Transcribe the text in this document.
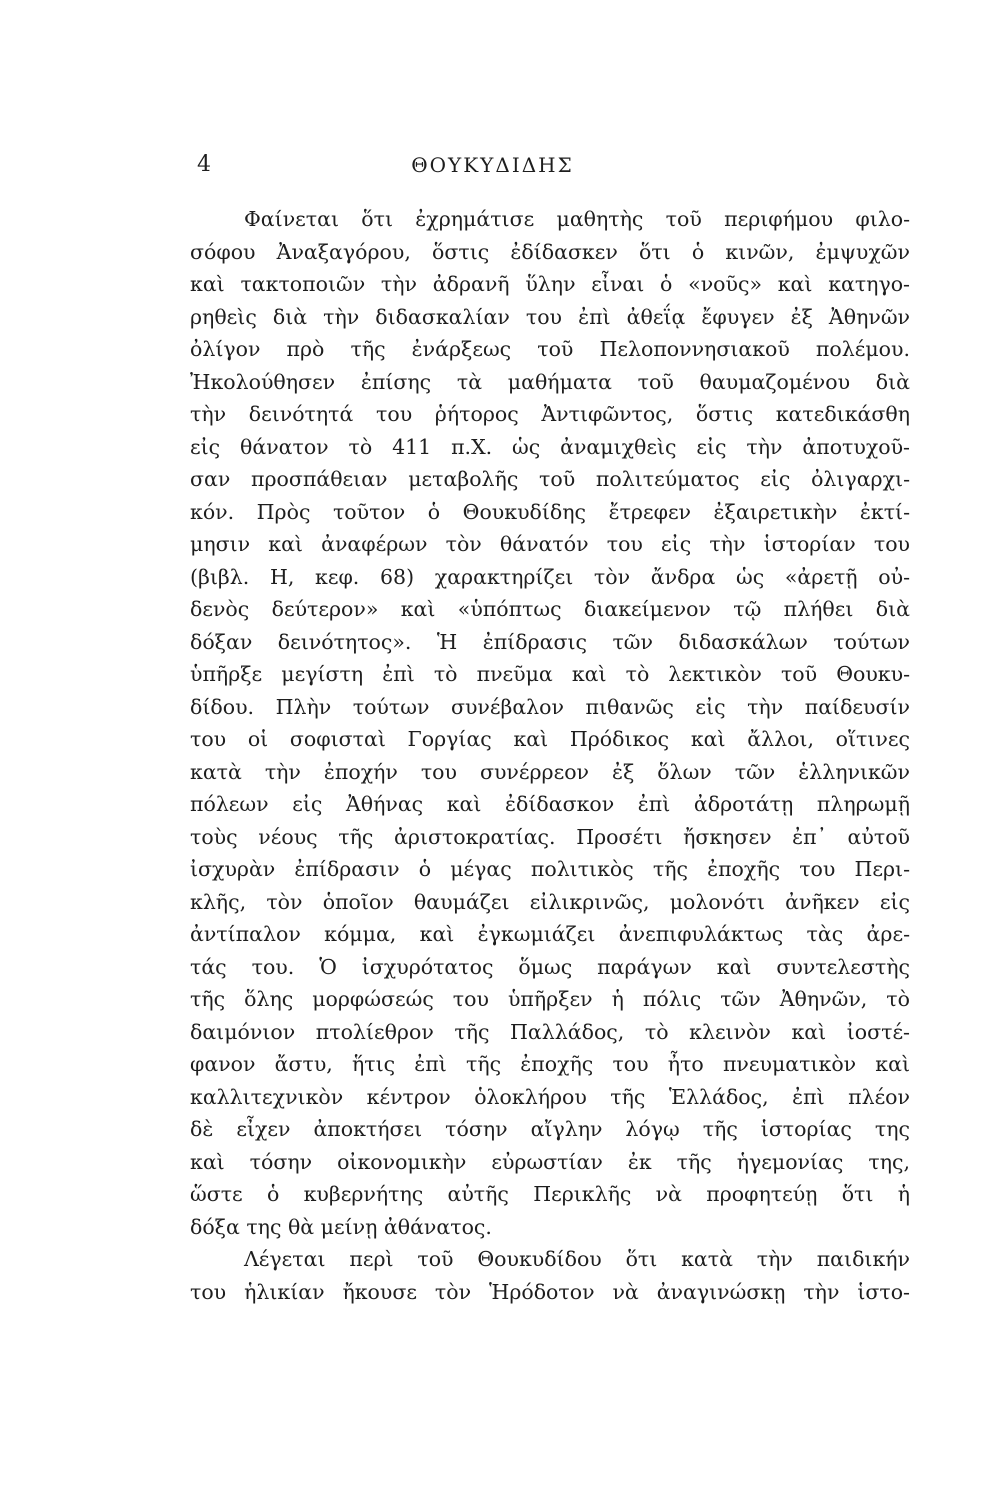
4	ΘΟΥΚΥΔΙΔΗΣ
Φαίνεται ὅτι ἐχρημάτισε μαθητὴς τοῦ περιφήμου φιλο-
σόφου Ἀναξαγόρου, ὅστις ἐδίδασκεν ὅτι ὁ κινῶν, ἐμψυχῶν
καὶ τακτοποιῶν τὴν ἀδρανῆ ὕλην εἶναι ὁ «νοῦς» καὶ κατηγο-
ρηθεὶς διὰ τὴν διδασκαλίαν του ἐπὶ ἀθεΐᾳ ἔφυγεν ἐξ Ἀθηνῶν
ὀλίγον πρὸ τῆς ἐνάρξεως τοῦ Πελοποννησιακοῦ πολέμου.
Ἠκολούθησεν ἐπίσης τὰ μαθήματα τοῦ θαυμαζομένου διὰ
τὴν δεινότητά του ῥήτορος Ἀντιφῶντος, ὅστις κατεδικάσθη
εἰς θάνατον τὸ 411 π.Χ. ὡς ἀναμιχθεὶς εἰς τὴν ἀποτυχοῦ-
σαν προσπάθειαν μεταβολῆς τοῦ πολιτεύματος εἰς ὀλιγαρχι-
κόν. Πρὸς τοῦτον ὁ Θουκυδίδης ἔτρεφεν ἐξαιρετικὴν ἐκτί-
μησιν καὶ ἀναφέρων τὸν θάνατόν του εἰς τὴν ἱστορίαν του
(βιβλ. Η, κεφ. 68) χαρακτηρίζει τὸν ἄνδρα ὡς «ἀρετῇ οὐ-
δενὸς δεύτερον» καὶ «ὑπόπτως διακείμενον τῷ πλήθει διὰ
δόξαν δεινότητος». Ἡ ἐπίδρασις τῶν διδασκάλων τούτων
ὑπῆρξε μεγίστη ἐπὶ τὸ πνεῦμα καὶ τὸ λεκτικὸν τοῦ Θουκυ-
δίδου. Πλὴν τούτων συνέβαλον πιθανῶς εἰς τὴν παίδευσίν
του οἱ σοφισταὶ Γοργίας καὶ Πρόδικος καὶ ἄλλοι, οἵτινες
κατὰ τὴν ἐποχήν του συνέρρεον ἐξ ὅλων τῶν ἑλληνικῶν
πόλεων εἰς Ἀθήνας καὶ ἐδίδασκον ἐπὶ ἀδροτάτῃ πληρωμῇ
τοὺς νέους τῆς ἀριστοκρατίας. Προσέτι ἤσκησεν ἐπ᾽ αὐτοῦ
ἰσχυρὰν ἐπίδρασιν ὁ μέγας πολιτικὸς τῆς ἐποχῆς του Περι-
κλῆς, τὸν ὁποῖον θαυμάζει εἰλικρινῶς, μολονότι ἀνῆκεν εἰς
ἀντίπαλον κόμμα, καὶ ἐγκωμιάζει ἀνεπιφυλάκτως τὰς ἀρε-
τάς του. Ὁ ἰσχυρότατος ὅμως παράγων καὶ συντελεστὴς
τῆς ὅλης μορφώσεώς του ὑπῆρξεν ἡ πόλις τῶν Ἀθηνῶν, τὸ
δαιμόνιον πτολίεθρον τῆς Παλλάδος, τὸ κλεινὸν καὶ ἰοστέ-
φανον ἄστυ, ἥτις ἐπὶ τῆς ἐποχῆς του ἦτο πνευματικὸν καὶ
καλλιτεχνικὸν κέντρον ὁλοκλήρου τῆς Ἑλλάδος, ἐπὶ πλέον
δὲ εἶχεν ἀποκτήσει τόσην αἴγλην λόγῳ τῆς ἱστορίας της
καὶ τόσην οἰκονομικὴν εὐρωστίαν ἐκ τῆς ἡγεμονίας της,
ὥστε ὁ κυβερνήτης αὐτῆς Περικλῆς νὰ προφητεύῃ ὅτι ἡ
δόξα της θὰ μείνῃ ἀθάνατος.
Λέγεται περὶ τοῦ Θουκυδίδου ὅτι κατὰ τὴν παιδικήν
του ἡλικίαν ἤκουσε τὸν Ἡρόδοτον νὰ ἀναγινώσκῃ τὴν ἱστο-
